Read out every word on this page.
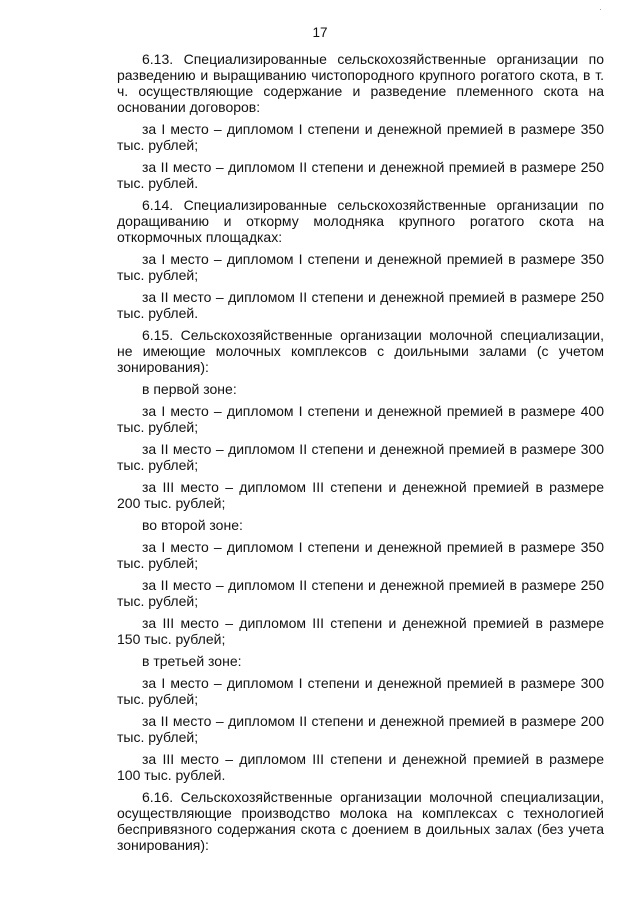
·
17

6.13. Специализированные сельскохозяйственные организации по разведению и выращиванию чистопородного крупного рогатого скота, в т. ч. осуществляющие содержание и разведение племенного скота на основании договоров:

за I место – дипломом I степени и денежной премией в размере 350 тыс. рублей;

за II место – дипломом II степени и денежной премией в размере 250 тыс. рублей.

6.14. Специализированные сельскохозяйственные организации по доращиванию и откорму молодняка крупного рогатого скота на откормочных площадках:

за I место – дипломом I степени и денежной премией в размере 350 тыс. рублей;

за II место – дипломом II степени и денежной премией в размере 250 тыс. рублей.

6.15. Сельскохозяйственные организации молочной специализации, не имеющие молочных комплексов с доильными залами (с учетом зонирования):

в первой зоне:

за I место – дипломом I степени и денежной премией в размере 400 тыс. рублей;

за II место – дипломом II степени и денежной премией в размере 300 тыс. рублей;

за III место – дипломом III степени и денежной премией в размере 200 тыс. рублей;

во второй зоне:

за I место – дипломом I степени и денежной премией в размере 350 тыс. рублей;

за II место – дипломом II степени и денежной премией в размере 250 тыс. рублей;

за III место – дипломом III степени и денежной премией в размере 150 тыс. рублей;

в третьей зоне:

за I место – дипломом I степени и денежной премией в размере 300 тыс. рублей;

за II место – дипломом II степени и денежной премией в размере 200 тыс. рублей;

за III место – дипломом III степени и денежной премией в размере 100 тыс. рублей.

6.16. Сельскохозяйственные организации молочной специализации, осуществляющие производство молока на комплексах с технологией беспривязного содержания скота с доением в доильных залах (без учета зонирования):
